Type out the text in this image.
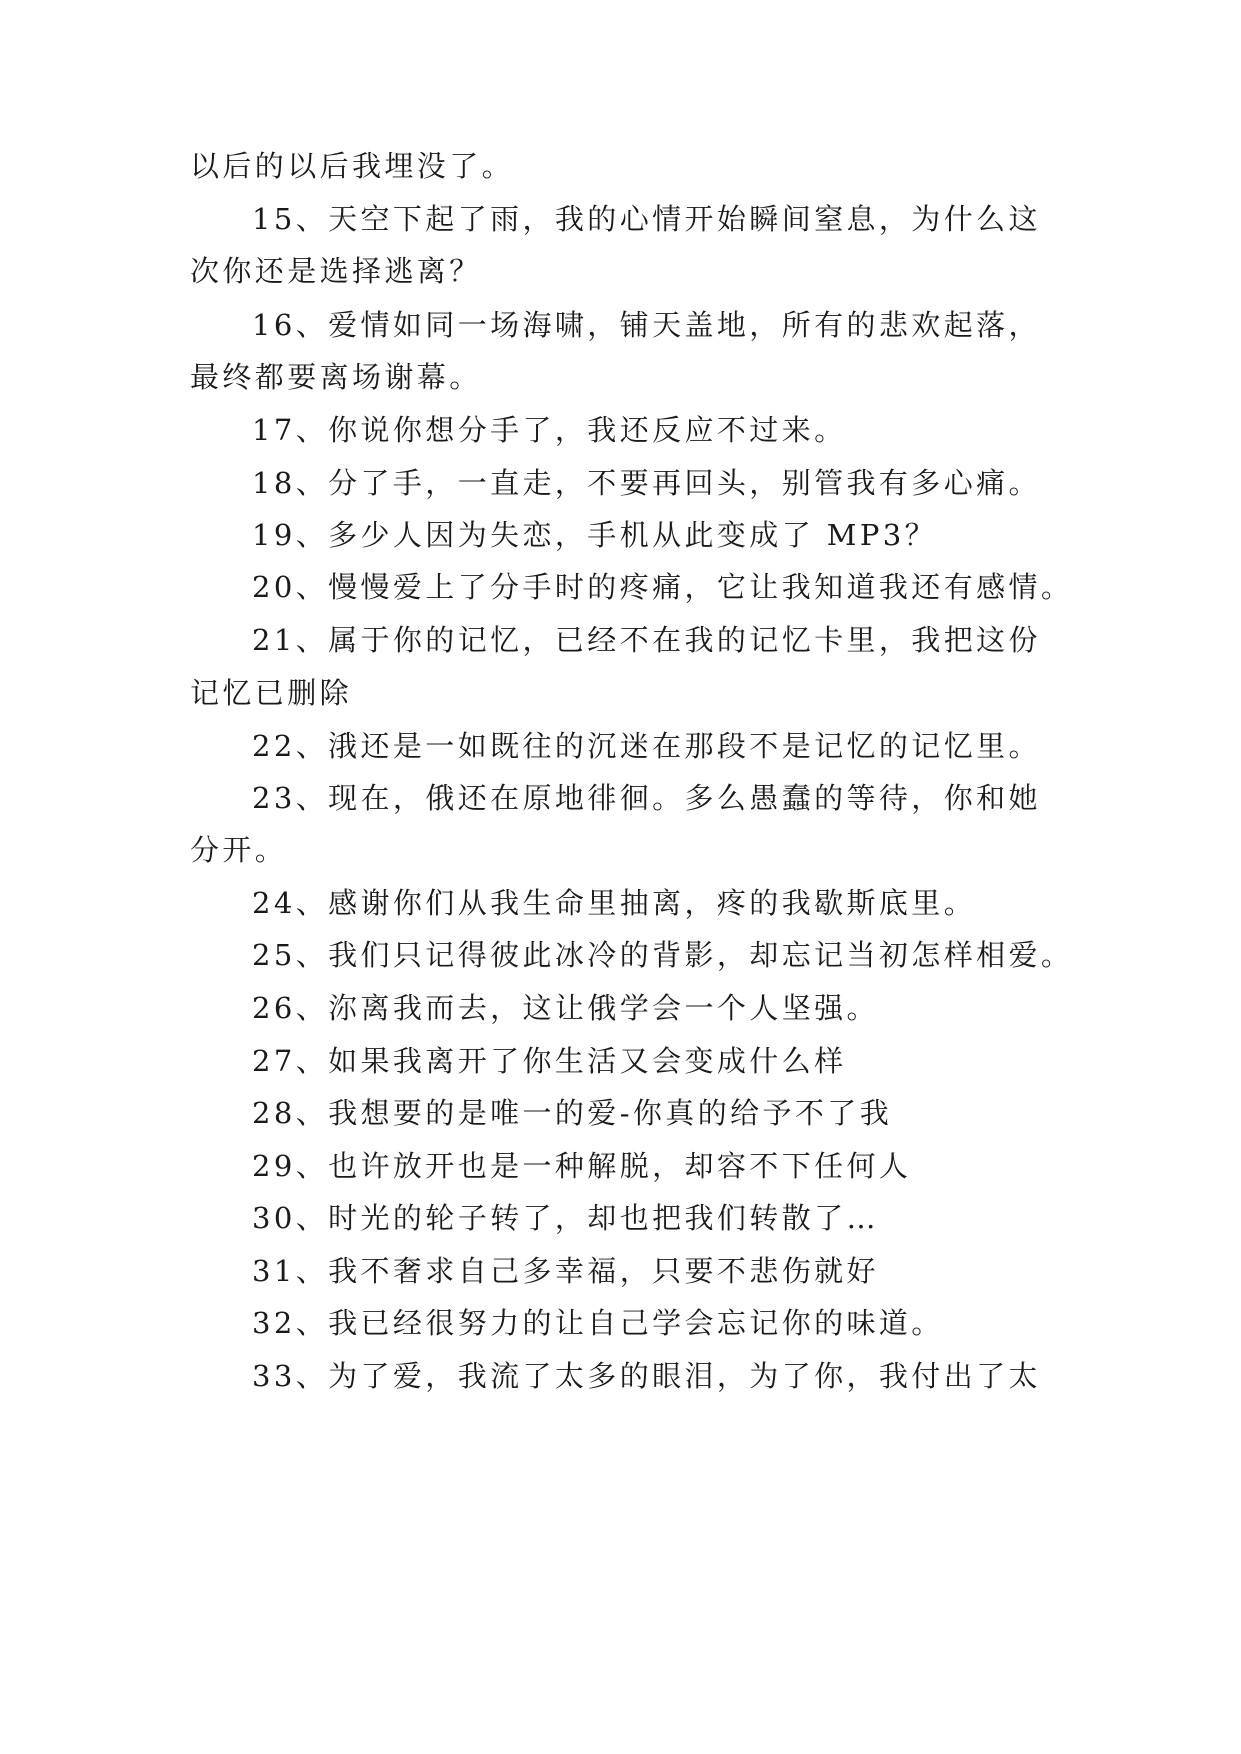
以后的以后我埋没了。
15、天空下起了雨，我的心情开始瞬间窒息，为什么这
次你还是选择逃离？
16、爱情如同一场海啸，铺天盖地，所有的悲欢起落，
最终都要离场谢幕。
17、你说你想分手了，我还反应不过来。
18、分了手，一直走，不要再回头，别管我有多心痛。
19、多少人因为失恋，手机从此变成了 MP3？
20、慢慢爱上了分手时的疼痛，它让我知道我还有感情。
21、属于你的记忆，已经不在我的记忆卡里，我把这份
记忆已删除
22、涐还是一如既往的沉迷在那段不是记忆的记忆里。
23、现在，俄还在原地徘徊。多么愚蠢的等待，你和她
分开。
24、感谢你们从我生命里抽离，疼的我歇斯底里。
25、我们只记得彼此冰冷的背影，却忘记当初怎样相爱。
26、沵离我而去，这让俄学会一个人坚强。
27、如果我离开了你生活又会变成什么样
28、我想要的是唯一的爱-你真的给予不了我
29、也许放开也是一种解脱，却容不下任何人
30、时光的轮子转了，却也把我们转散了…
31、我不奢求自己多幸福，只要不悲伤就好
32、我已经很努力的让自己学会忘记你的味道。
33、为了爱，我流了太多的眼泪，为了你，我付出了太
